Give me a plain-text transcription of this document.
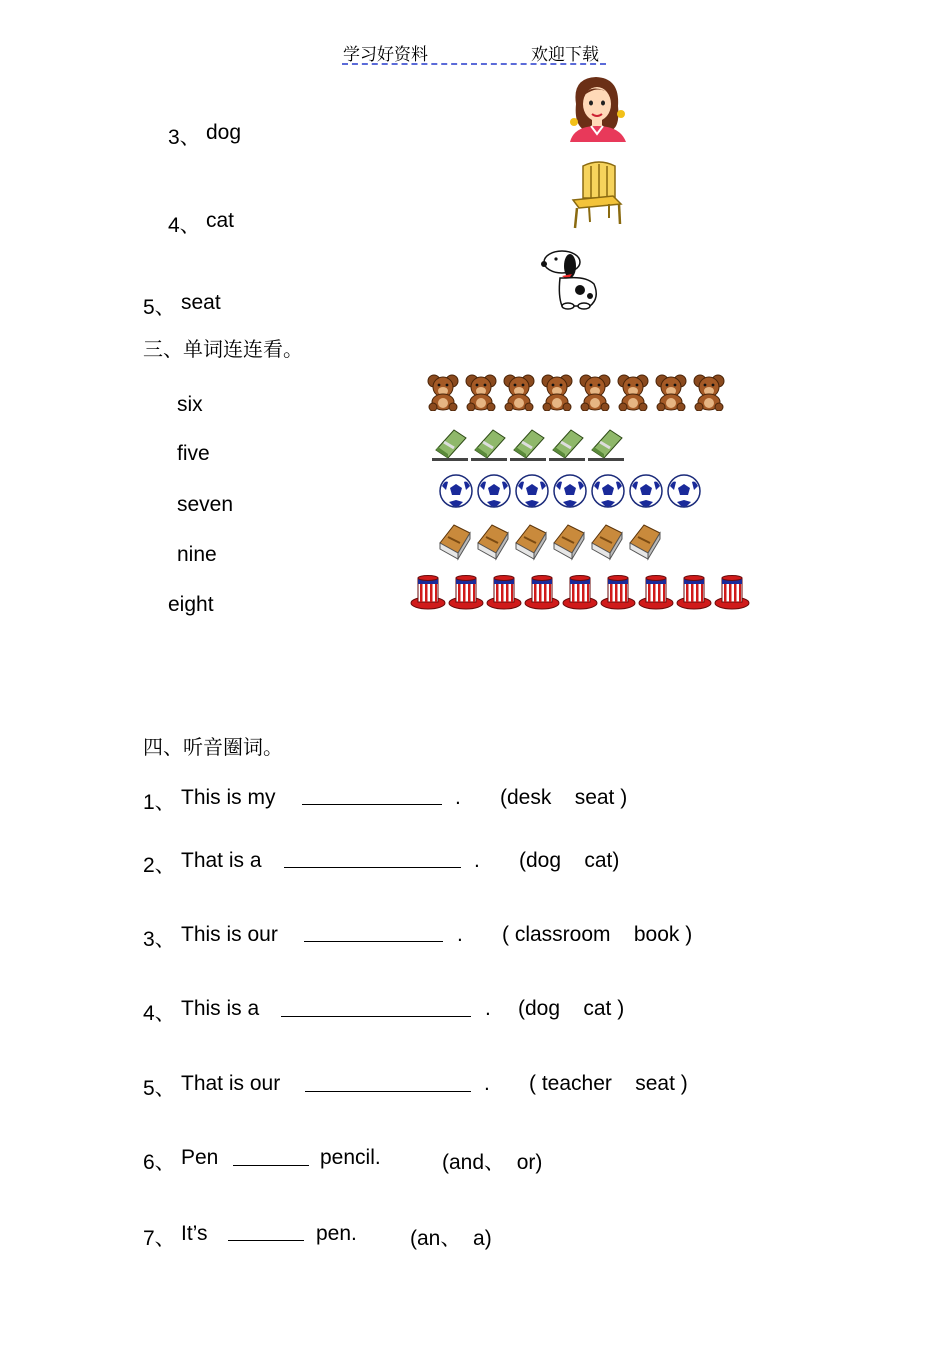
学习好资料	欢迎下载
3、 dog
4、 cat
5、 seat
三、单词连连看。
six
five
seven
nine
eight
四、听音圈词。
1、 This is my	. (desk    seat )
2、 That is a	. (dog    cat)
3、 This is our	. ( classroom    book )
4、 This is a	. (dog    cat )
5、 That is our	. ( teacher    seat )
6、 Pen	pencil.	(and、  or)
7、 It’s	pen.	(an、  a)
